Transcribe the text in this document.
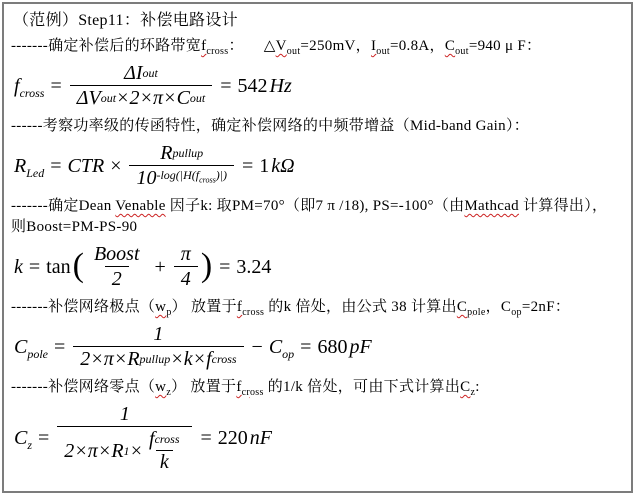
（范例）Step11：补偿电路设计

-------确定补偿后的环路带宽$f_{cross}$： $\triangle V_{out}=250mV$，$I_{out}=0.8A$，$C_{out}=940$ μ F：

$f_{cross} = \frac{\text{ΔI out}}{\text{ΔV out ×2×π× C out}} = 542$ Hz

------考察功率级的传函特性，确定补偿网络的中频带增益（Mid-band Gain）：

$R_{Led}$ = CTR × $\frac{\text{R pullup}}{10 -\log(|H(f_{cross})|)} = 1$ kΩ

-------确定Dean Venable 因子k: 取PM=70°（即7 π /18), PS=-100°（由Mathcad 计算得出），
则Boost=PM-PS-90

k = tan ( $\frac{\text{Boost}}{2} + \frac{\pi}{4}$ ) = 3.24

-------补偿网络极点$(w_p)$ 放置于$f_{cross}$ 的k 倍处，由公式 38 计算出$C_{pole}$，$C_{op}=2nF$：

$C_{pole} = \frac{1}{\text{2×π× R pullup ×k× f cross}} - C_{op} = 680$ pF

-------补偿网络零点$(w_z)$ 放置于$f_{cross}$ 的1/k 倍处，可由下式计算出$C_z$:

$C_z = \frac{1}{2\times\pi\times R 1 \times \frac{\text{f cross}}{k}} = 220$ nF
